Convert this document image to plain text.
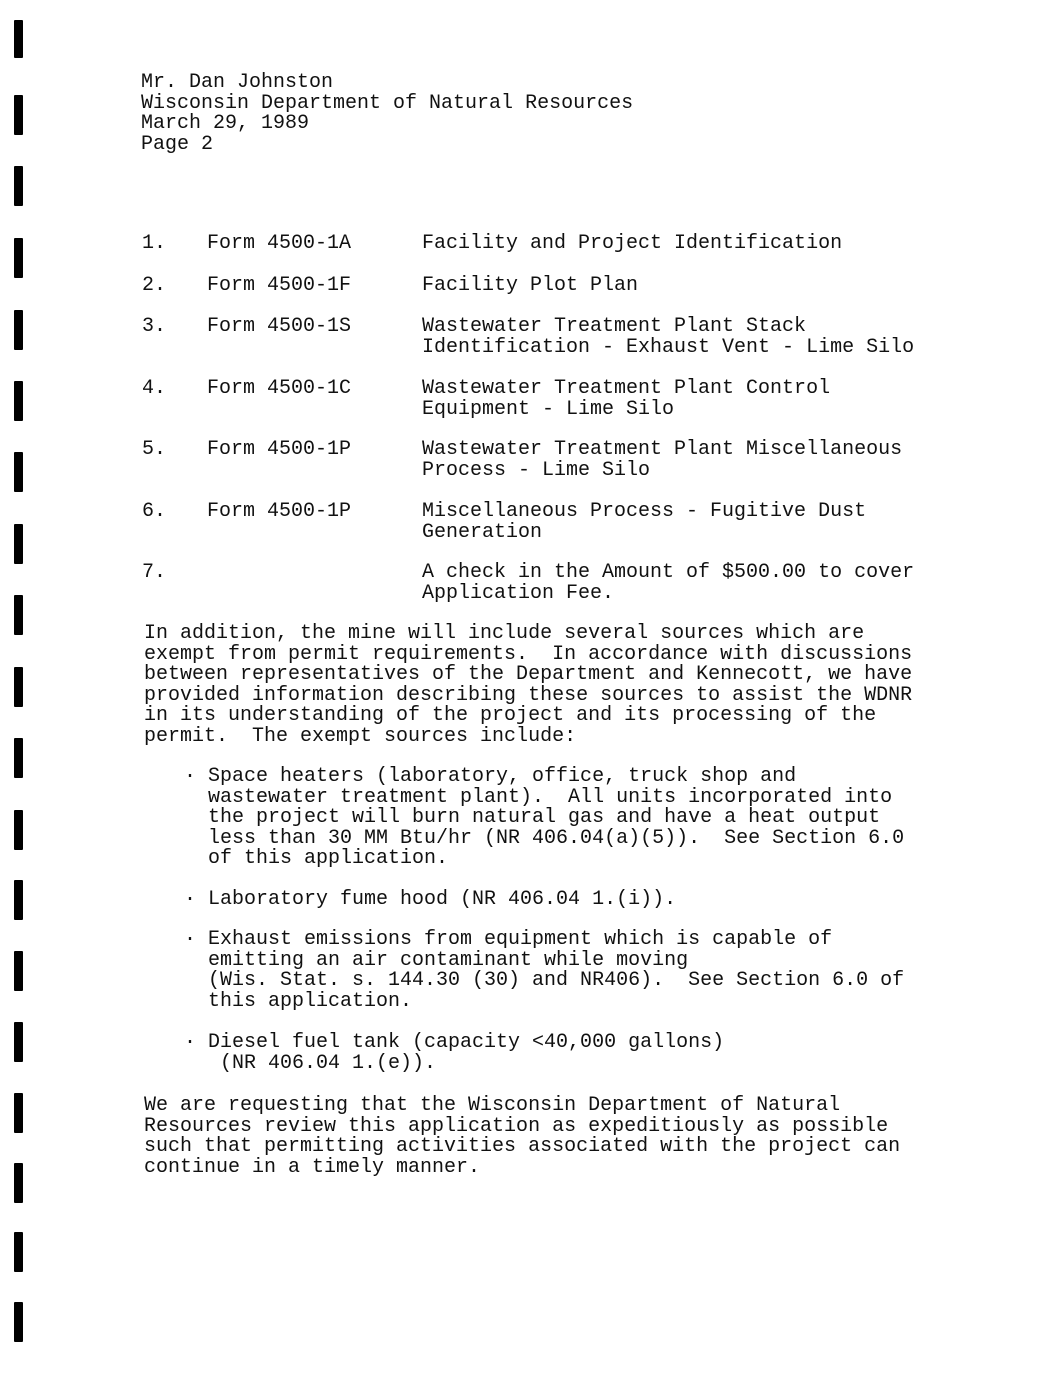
Mr. Dan Johnston
Wisconsin Department of Natural Resources
March 29, 1989
Page 2
1. Form 4500-1A	Facility and Project Identification
2. Form 4500-1F	Facility Plot Plan
3. Form 4500-1S	Wastewater Treatment Plant Stack
Identification - Exhaust Vent - Lime Silo
4. Form 4500-1C	Wastewater Treatment Plant Control
Equipment - Lime Silo
5. Form 4500-1P	Wastewater Treatment Plant Miscellaneous
Process - Lime Silo
6. Form 4500-1P	Miscellaneous Process - Fugitive Dust
Generation
7.	A check in the Amount of $500.00 to cover
Application Fee.
In addition, the mine will include several sources which are
exempt from permit requirements.  In accordance with discussions
between representatives of the Department and Kennecott, we have
provided information describing these sources to assist the WDNR
in its understanding of the project and its processing of the
permit.  The exempt sources include:
· Space heaters (laboratory, office, truck shop and
wastewater treatment plant).  All units incorporated into
the project will burn natural gas and have a heat output
less than 30 MM Btu/hr (NR 406.04(a)(5)).  See Section 6.0
of this application.
· Laboratory fume hood (NR 406.04 1.(i)).
· Exhaust emissions from equipment which is capable of
emitting an air contaminant while moving
(Wis. Stat. s. 144.30 (30) and NR406).  See Section 6.0 of
this application.
· Diesel fuel tank (capacity <40,000 gallons)
(NR 406.04 1.(e)).
We are requesting that the Wisconsin Department of Natural
Resources review this application as expeditiously as possible
such that permitting activities associated with the project can
continue in a timely manner.
